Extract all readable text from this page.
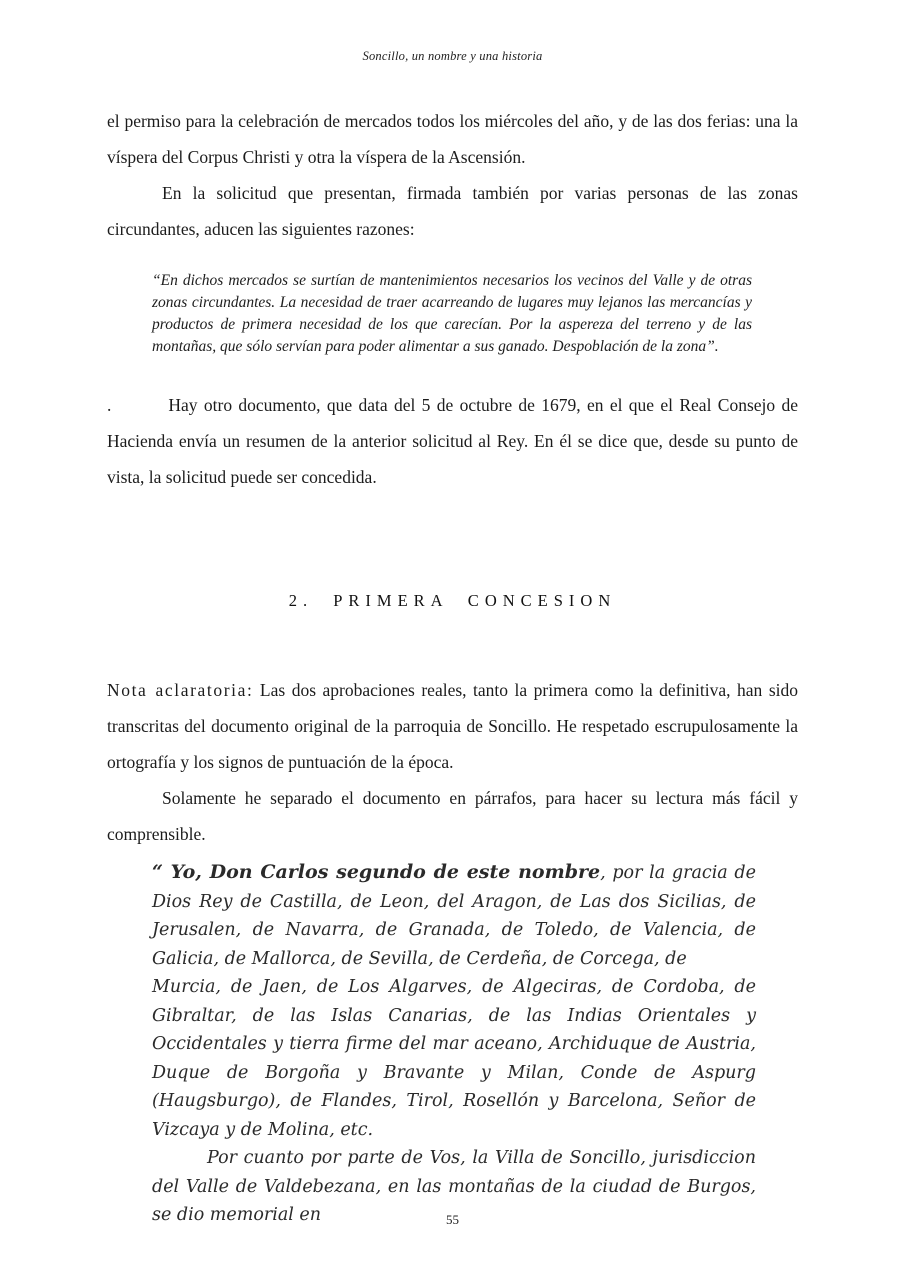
Soncillo, un nombre y una historia

el permiso para la celebración de mercados todos los miércoles del año, y de las dos ferias: una la víspera del Corpus Christi y otra la víspera de la Ascensión.

En la solicitud que presentan, firmada también por varias personas de las zonas circundantes, aducen las siguientes razones:

“En dichos mercados se surtían de mantenimientos necesarios los vecinos del Valle y de otras zonas circundantes. La necesidad de traer acarreando de lugares muy lejanos las mercancías y productos de primera necesidad de los que carecían. Por la aspereza del terreno y de las montañas, que sólo servían para poder alimentar a sus ganado. Despoblación de la zona”.

.         Hay otro documento, que data del 5 de octubre de 1679, en el que el Real Consejo de Hacienda envía un resumen de la anterior solicitud al Rey. En él se dice que, desde su punto de vista, la solicitud puede ser concedida.

2. PRIMERA CONCESION

Nota aclaratoria: Las dos aprobaciones reales, tanto la primera como la definitiva, han sido transcritas del documento original de la parroquia de Soncillo. He respetado escrupulosamente la ortografía y los signos de puntuación de la época.

Solamente he separado el documento en párrafos, para hacer su lectura más fácil y comprensible.

“ Yo, Don Carlos segundo de este nombre, por la gracia de Dios Rey de Castilla, de Leon, del Aragon, de Las dos Sicilias, de Jerusalen, de Navarra, de Granada, de Toledo, de Valencia, de Galicia, de Mallorca, de Sevilla, de Cerdeña, de Corcega, de

Murcia, de Jaen, de Los Algarves, de Algeciras, de Cordoba, de Gibraltar, de las Islas Canarias, de las Indias Orientales y Occidentales y tierra firme del mar aceano, Archiduque de Austria, Duque de Borgoña y Bravante y Milan, Conde de Aspurg (Haugsburgo), de Flandes, Tirol, Rosellón y Barcelona, Señor de Vizcaya y de Molina, etc.

Por cuanto por parte de Vos, la Villa de Soncillo, jurisdiccion del Valle de Valdebezana, en las montañas de la ciudad de Burgos, se dio memorial en	55
